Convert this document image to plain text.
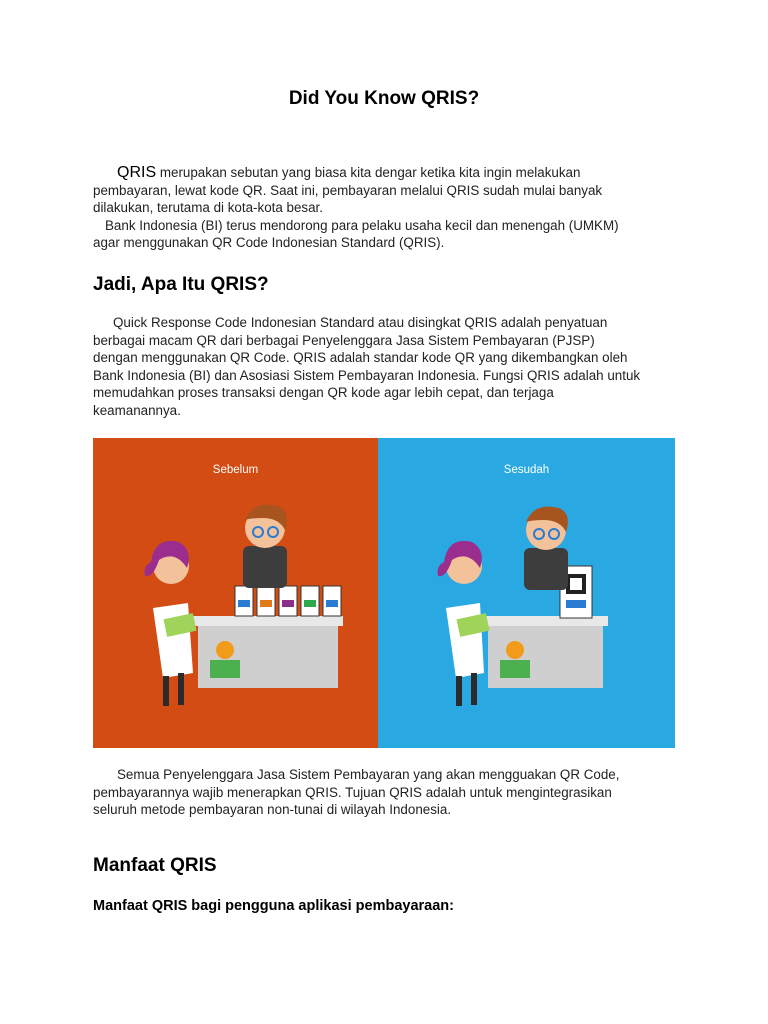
Did You Know QRIS?

QRIS merupakan sebutan yang biasa kita dengar ketika kita ingin melakukan

pembayaran, lewat kode QR. Saat ini, pembayaran melalui QRIS sudah mulai banyak

dilakukan, terutama di kota-kota besar.

Bank Indonesia (BI) terus mendorong para pelaku usaha kecil dan menengah (UMKM)

agar menggunakan QR Code Indonesian Standard (QRIS).

Jadi, Apa Itu QRIS?

Quick Response Code Indonesian Standard atau disingkat QRIS adalah penyatuan

berbagai macam QR dari berbagai Penyelenggara Jasa Sistem Pembayaran (PJSP)

dengan menggunakan QR Code. QRIS adalah standar kode QR yang dikembangkan oleh

Bank Indonesia (BI) dan Asosiasi Sistem Pembayaran Indonesia. Fungsi QRIS adalah untuk

memudahkan proses transaksi dengan QR kode agar lebih cepat, dan terjaga

keamanannya.

Sebelum	Sesudah

Semua Penyelenggara Jasa Sistem Pembayaran yang akan mengguakan QR Code,

pembayarannya wajib menerapkan QRIS. Tujuan QRIS adalah untuk mengintegrasikan

seluruh metode pembayaran non-tunai di wilayah Indonesia.

Manfaat QRIS
Manfaat QRIS bagi pengguna aplikasi pembayaraan:
